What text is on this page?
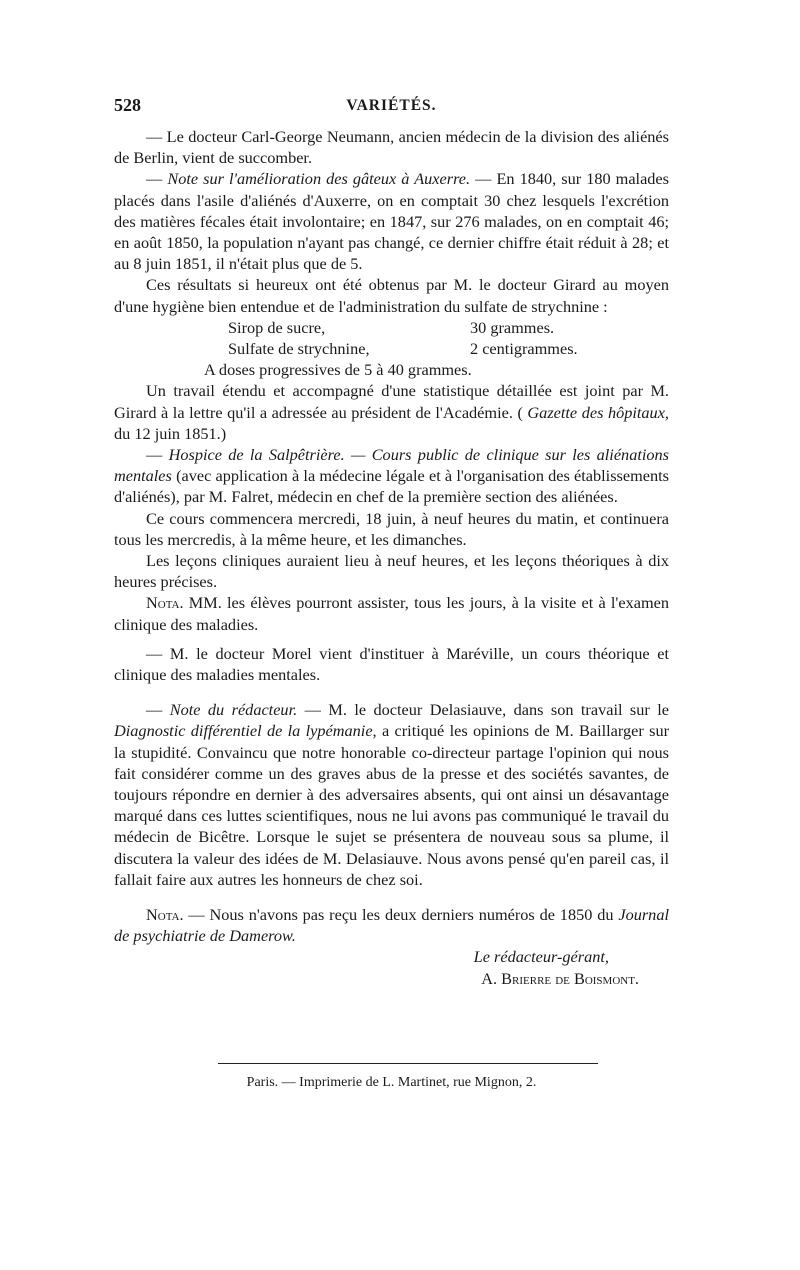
528	VARIÉTÉS.

— Le docteur Carl-George Neumann, ancien médecin de la division des aliénés de Berlin, vient de succomber.

— Note sur l'amélioration des gâteux à Auxerre. — En 1840, sur 180 malades placés dans l'asile d'aliénés d'Auxerre, on en comptait 30 chez lesquels l'excrétion des matières fécales était involontaire; en 1847, sur 276 malades, on en comptait 46; en août 1850, la population n'ayant pas changé, ce dernier chiffre était réduit à 28; et au 8 juin 1851, il n'était plus que de 5.

Ces résultats si heureux ont été obtenus par M. le docteur Girard au moyen d'une hygiène bien entendue et de l'administration du sulfate de strychnine :

Sirop de sucre,	30 grammes.
Sulfate de strychnine,	2 centigrammes.

A doses progressives de 5 à 40 grammes.

Un travail étendu et accompagné d'une statistique détaillée est joint par M. Girard à la lettre qu'il a adressée au président de l'Académie. ( Gazette des hôpitaux, du 12 juin 1851.)

— Hospice de la Salpêtrière. — Cours public de clinique sur les aliénations mentales (avec application à la médecine légale et à l'organisation des établissements d'aliénés), par M. Falret, médecin en chef de la première section des aliénées.

Ce cours commencera mercredi, 18 juin, à neuf heures du matin, et continuera tous les mercredis, à la même heure, et les dimanches.

Les leçons cliniques auraient lieu à neuf heures, et les leçons théoriques à dix heures précises.

Nota. MM. les élèves pourront assister, tous les jours, à la visite et à l'examen clinique des maladies.

— M. le docteur Morel vient d'instituer à Maréville, un cours théorique et clinique des maladies mentales.

— Note du rédacteur. — M. le docteur Delasiauve, dans son travail sur le Diagnostic différentiel de la lypémanie, a critiqué les opinions de M. Baillarger sur la stupidité. Convaincu que notre honorable co-directeur partage l'opinion qui nous fait considérer comme un des graves abus de la presse et des sociétés savantes, de toujours répondre en dernier à des adversaires absents, qui ont ainsi un désavantage marqué dans ces luttes scientifiques, nous ne lui avons pas communiqué le travail du médecin de Bicêtre. Lorsque le sujet se présentera de nouveau sous sa plume, il discutera la valeur des idées de M. Delasiauve. Nous avons pensé qu'en pareil cas, il fallait faire aux autres les honneurs de chez soi.

Nota. — Nous n'avons pas reçu les deux derniers numéros de 1850 du Journal de psychiatrie de Damerow.

Le rédacteur-gérant,

A. Brierre de Boismont.

Paris. — Imprimerie de L. Martinet, rue Mignon, 2.
